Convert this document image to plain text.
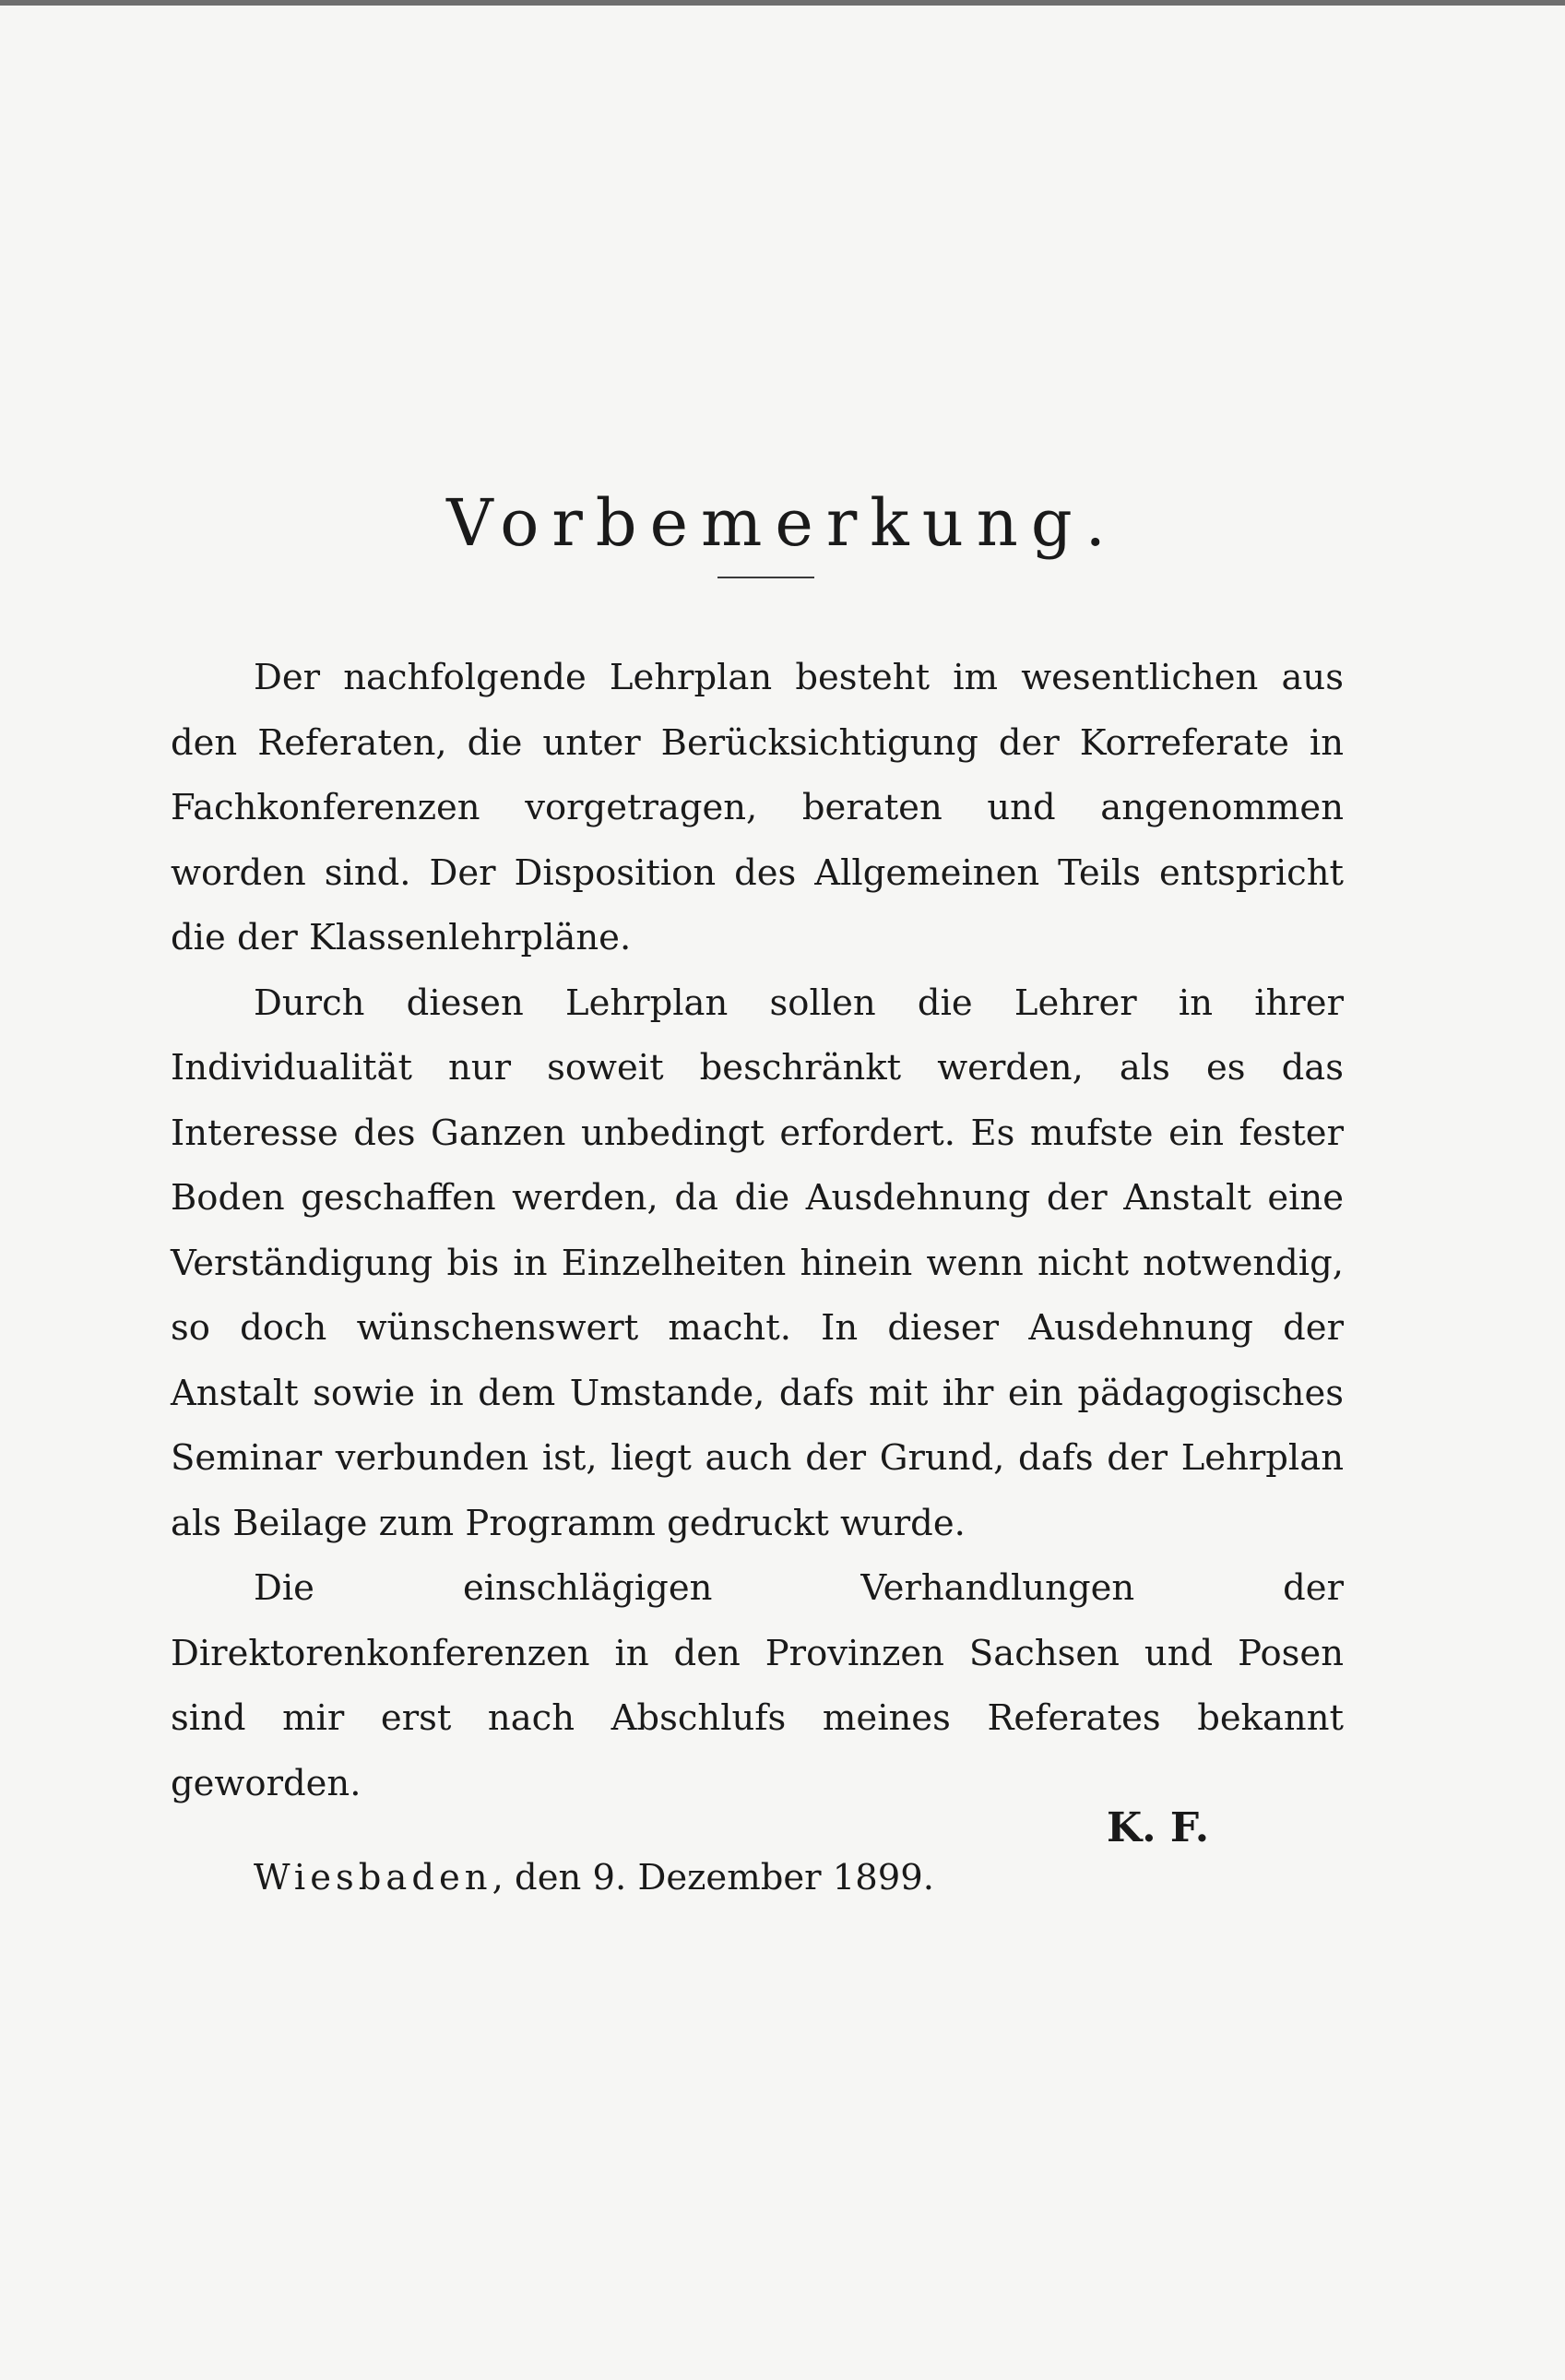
Vorbemerkung.

Der nachfolgende Lehrplan besteht im wesentlichen aus den Referaten, die unter Berücksichtigung der Korreferate in Fachkonferenzen vorgetragen, beraten und angenommen worden sind. Der Disposition des Allgemeinen Teils entspricht die der Klassenlehrpläne.

Durch diesen Lehrplan sollen die Lehrer in ihrer Individualität nur soweit beschränkt werden, als es das Interesse des Ganzen unbedingt erfordert. Es mufste ein fester Boden geschaffen werden, da die Ausdehnung der Anstalt eine Verständigung bis in Einzelheiten hinein wenn nicht notwendig, so doch wünschenswert macht. In dieser Ausdehnung der Anstalt sowie in dem Umstande, dafs mit ihr ein pädagogisches Seminar verbunden ist, liegt auch der Grund, dafs der Lehrplan als Beilage zum Programm gedruckt wurde.

Die einschlägigen Verhandlungen der Direktorenkonferenzen in den Provinzen Sachsen und Posen sind mir erst nach Abschlufs meines Referates bekannt geworden.

Wiesbaden, den 9. Dezember 1899.

K. F.
